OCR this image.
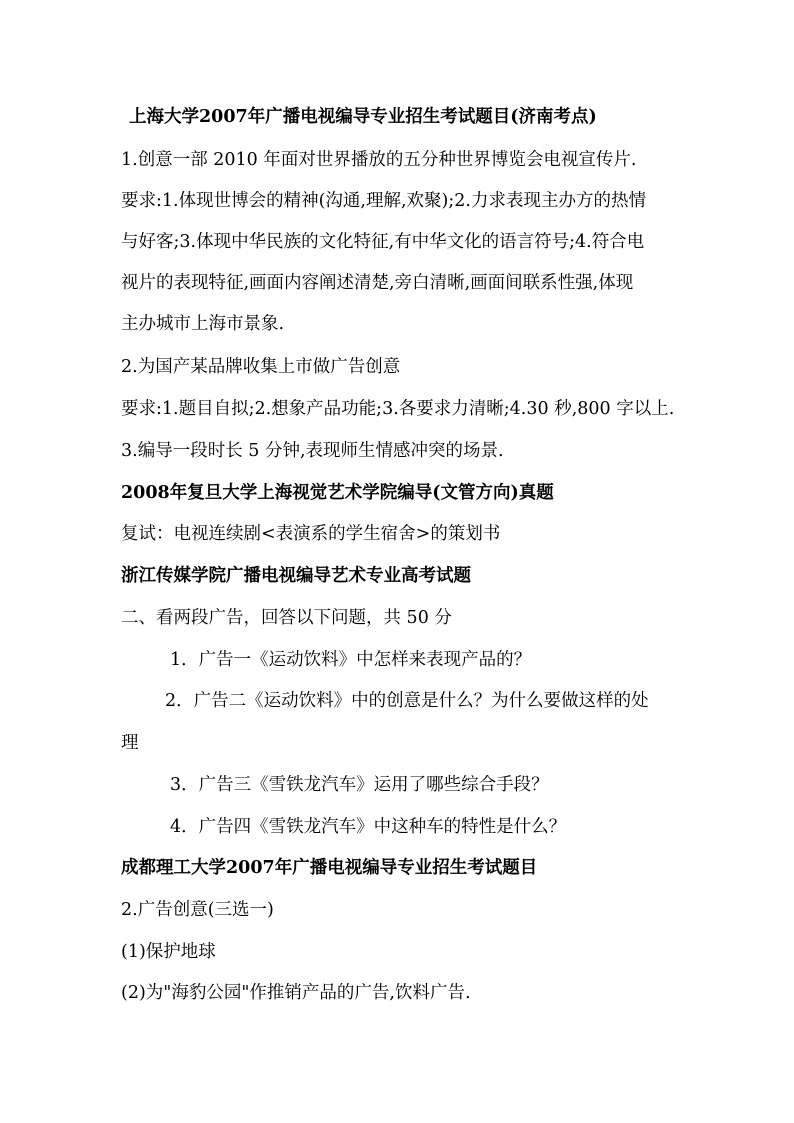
上海大学2007年广播电视编导专业招生考试题目(济南考点)
1.创意一部 2010 年面对世界播放的五分种世界博览会电视宣传片.
要求:1.体现世博会的精神(沟通,理解,欢聚);2.力求表现主办方的热情
与好客;3.体现中华民族的文化特征,有中华文化的语言符号;4.符合电
视片的表现特征,画面内容阐述清楚,旁白清晰,画面间联系性强,体现
主办城市上海市景象.
2.为国产某品牌收集上市做广告创意
要求:1.题目自拟;2.想象产品功能;3.各要求力清晰;4.30 秒,800 字以上.
3.编导一段时长 5 分钟,表现师生情感冲突的场景.
2008年复旦大学上海视觉艺术学院编导(文管方向)真题
复试：电视连续剧<表演系的学生宿舍>的策划书
浙江传媒学院广播电视编导艺术专业高考试题
二、看两段广告，回答以下问题，共 50 分
1．广告一《运动饮料》中怎样来表现产品的？
2．广告二《运动饮料》中的创意是什么？为什么要做这样的处
理
3．广告三《雪铁龙汽车》运用了哪些综合手段？
4．广告四《雪铁龙汽车》中这种车的特性是什么？
成都理工大学2007年广播电视编导专业招生考试题目
2.广告创意(三选一)
(1)保护地球
(2)为"海豹公园"作推销产品的广告,饮料广告.
